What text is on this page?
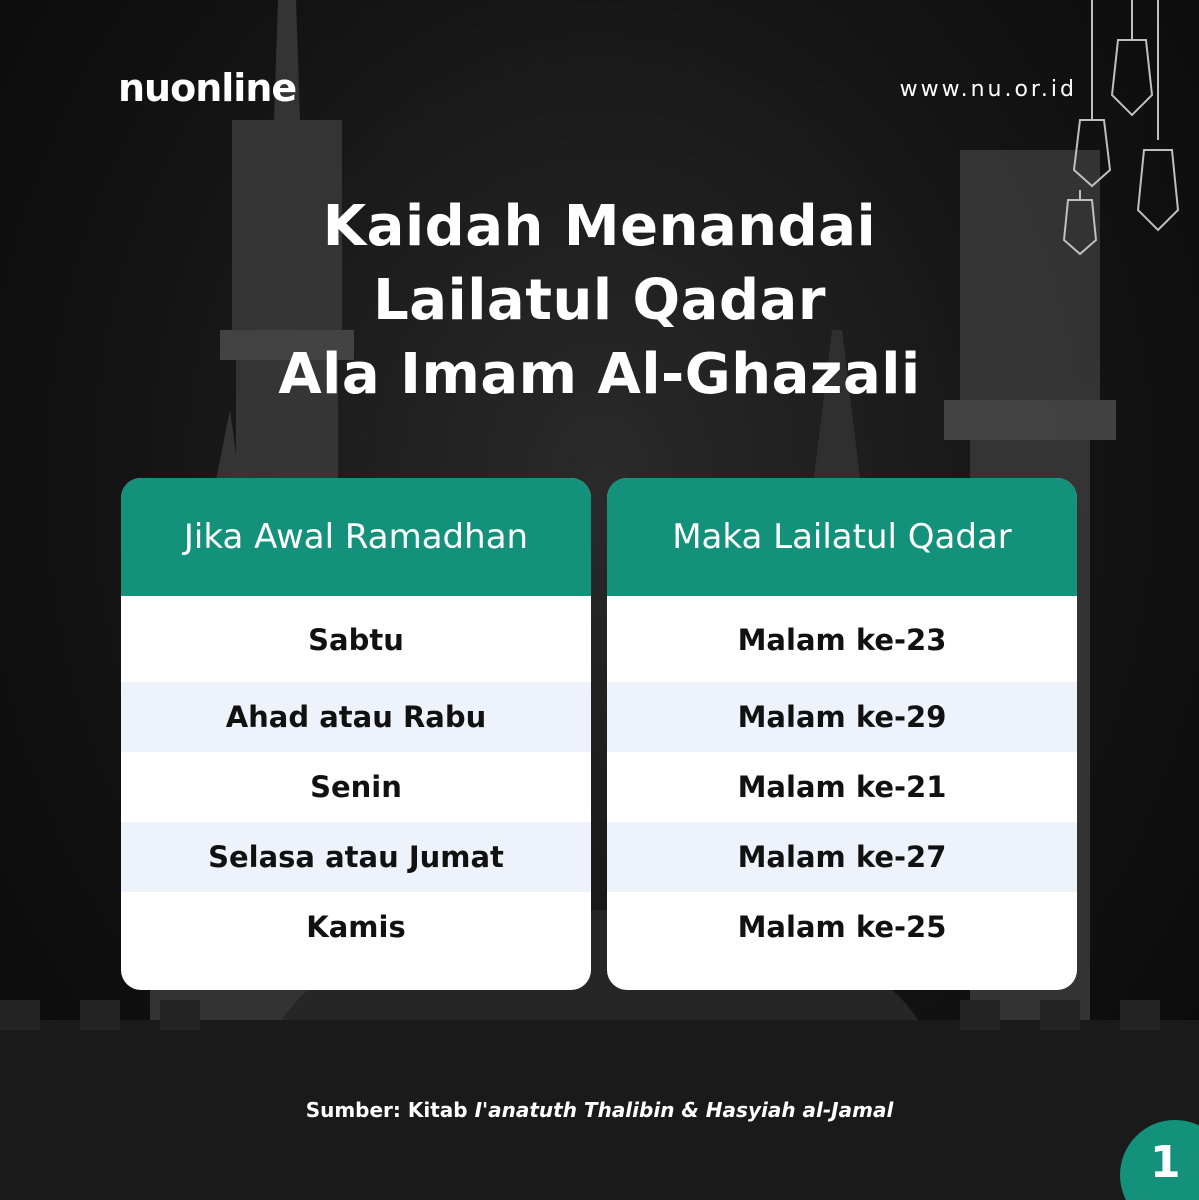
nuonline	www.nu.or.id
Kaidah Menandai
Lailatul Qadar
Ala Imam Al-Ghazali
Jika Awal Ramadhan
Sabtu
Ahad atau Rabu
Senin
Selasa atau Jumat
Kamis
Maka Lailatul Qadar
Malam ke-23
Malam ke-29
Malam ke-21
Malam ke-27
Malam ke-25
Sumber: Kitab I'anatuth Thalibin & Hasyiah al-Jamal
1
